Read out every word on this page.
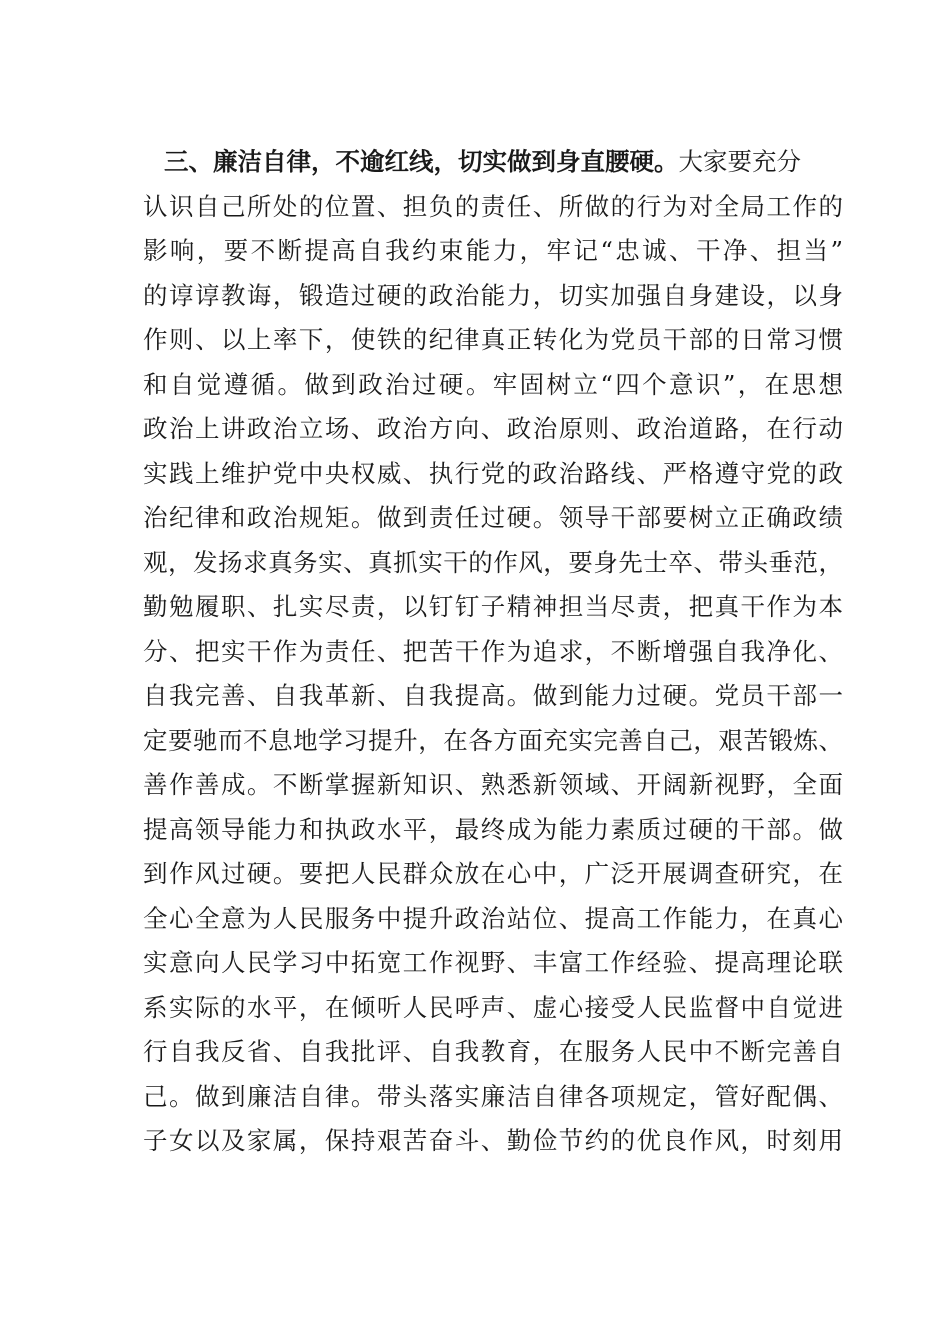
三、廉洁自律，不逾红线，切实做到身直腰硬。大家要充分
认识自己所处的位置、担负的责任、所做的行为对全局工作的
影响，要不断提高自我约束能力，牢记“忠诚、干净、担当”
的谆谆教诲，锻造过硬的政治能力，切实加强自身建设，以身
作则、以上率下，使铁的纪律真正转化为党员干部的日常习惯
和自觉遵循。做到政治过硬。牢固树立“四个意识”，在思想
政治上讲政治立场、政治方向、政治原则、政治道路，在行动
实践上维护党中央权威、执行党的政治路线、严格遵守党的政
治纪律和政治规矩。做到责任过硬。领导干部要树立正确政绩
观，发扬求真务实、真抓实干的作风，要身先士卒、带头垂范，
勤勉履职、扎实尽责，以钉钉子精神担当尽责，把真干作为本
分、把实干作为责任、把苦干作为追求，不断增强自我净化、
自我完善、自我革新、自我提高。做到能力过硬。党员干部一
定要驰而不息地学习提升，在各方面充实完善自己，艰苦锻炼、
善作善成。不断掌握新知识、熟悉新领域、开阔新视野，全面
提高领导能力和执政水平，最终成为能力素质过硬的干部。做
到作风过硬。要把人民群众放在心中，广泛开展调查研究，在
全心全意为人民服务中提升政治站位、提高工作能力，在真心
实意向人民学习中拓宽工作视野、丰富工作经验、提高理论联
系实际的水平，在倾听人民呼声、虚心接受人民监督中自觉进
行自我反省、自我批评、自我教育，在服务人民中不断完善自
己。做到廉洁自律。带头落实廉洁自律各项规定，管好配偶、
子女以及家属，保持艰苦奋斗、勤俭节约的优良作风，时刻用
